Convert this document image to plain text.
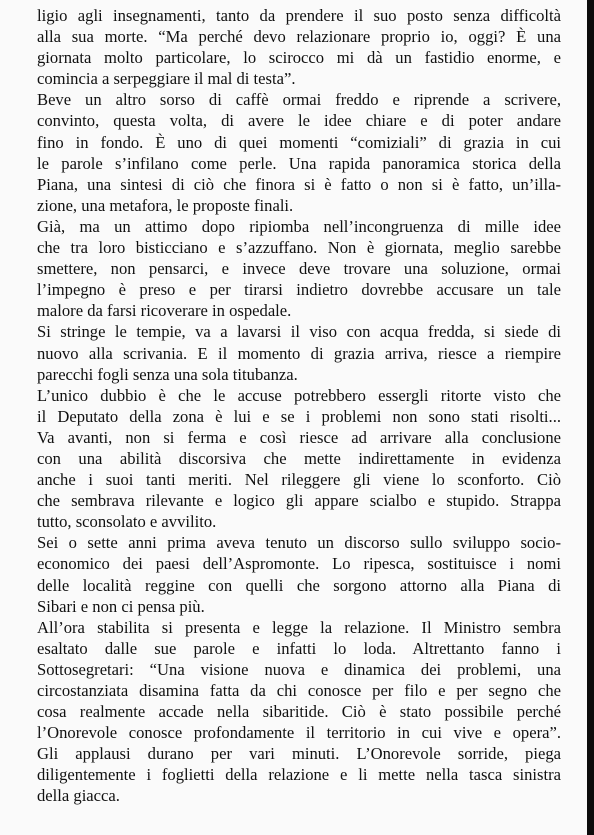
ligio agli insegnamenti, tanto da prendere il suo posto senza difficoltà
alla sua morte. “Ma perché devo relazionare proprio io, oggi? È una
giornata molto particolare, lo scirocco mi dà un fastidio enorme, e
comincia a serpeggiare il mal di testa”.
Beve un altro sorso di caffè ormai freddo e riprende a scrivere,
convinto, questa volta, di avere le idee chiare e di poter andare
fino in fondo. È uno di quei momenti “comiziali” di grazia in cui
le parole s’infilano come perle. Una rapida panoramica storica della
Piana, una sintesi di ciò che finora si è fatto o non si è fatto, un’illa-
zione, una metafora, le proposte finali.
Già, ma un attimo dopo ripiomba nell’incongruenza di mille idee
che tra loro bisticciano e s’azzuffano. Non è giornata, meglio sarebbe
smettere, non pensarci, e invece deve trovare una soluzione, ormai
l’impegno è preso e per tirarsi indietro dovrebbe accusare un tale
malore da farsi ricoverare in ospedale.
Si stringe le tempie, va a lavarsi il viso con acqua fredda, si siede di
nuovo alla scrivania. E il momento di grazia arriva, riesce a riempire
parecchi fogli senza una sola titubanza.
L’unico dubbio è che le accuse potrebbero essergli ritorte visto che
il Deputato della zona è lui e se i problemi non sono stati risolti...
Va avanti, non si ferma e così riesce ad arrivare alla conclusione
con una abilità discorsiva che mette indirettamente in evidenza
anche i suoi tanti meriti. Nel rileggere gli viene lo sconforto. Ciò
che sembrava rilevante e logico gli appare scialbo e stupido. Strappa
tutto, sconsolato e avvilito.
Sei o sette anni prima aveva tenuto un discorso sullo sviluppo socio-
economico dei paesi dell’Aspromonte. Lo ripesca, sostituisce i nomi
delle località reggine con quelli che sorgono attorno alla Piana di
Sibari e non ci pensa più.
All’ora stabilita si presenta e legge la relazione. Il Ministro sembra
esaltato dalle sue parole e infatti lo loda. Altrettanto fanno i
Sottosegretari: “Una visione nuova e dinamica dei problemi, una
circostanziata disamina fatta da chi conosce per filo e per segno che
cosa realmente accade nella sibaritide. Ciò è stato possibile perché
l’Onorevole conosce profondamente il territorio in cui vive e opera”.
Gli applausi durano per vari minuti. L’Onorevole sorride, piega
diligentemente i foglietti della relazione e li mette nella tasca sinistra
della giacca.
